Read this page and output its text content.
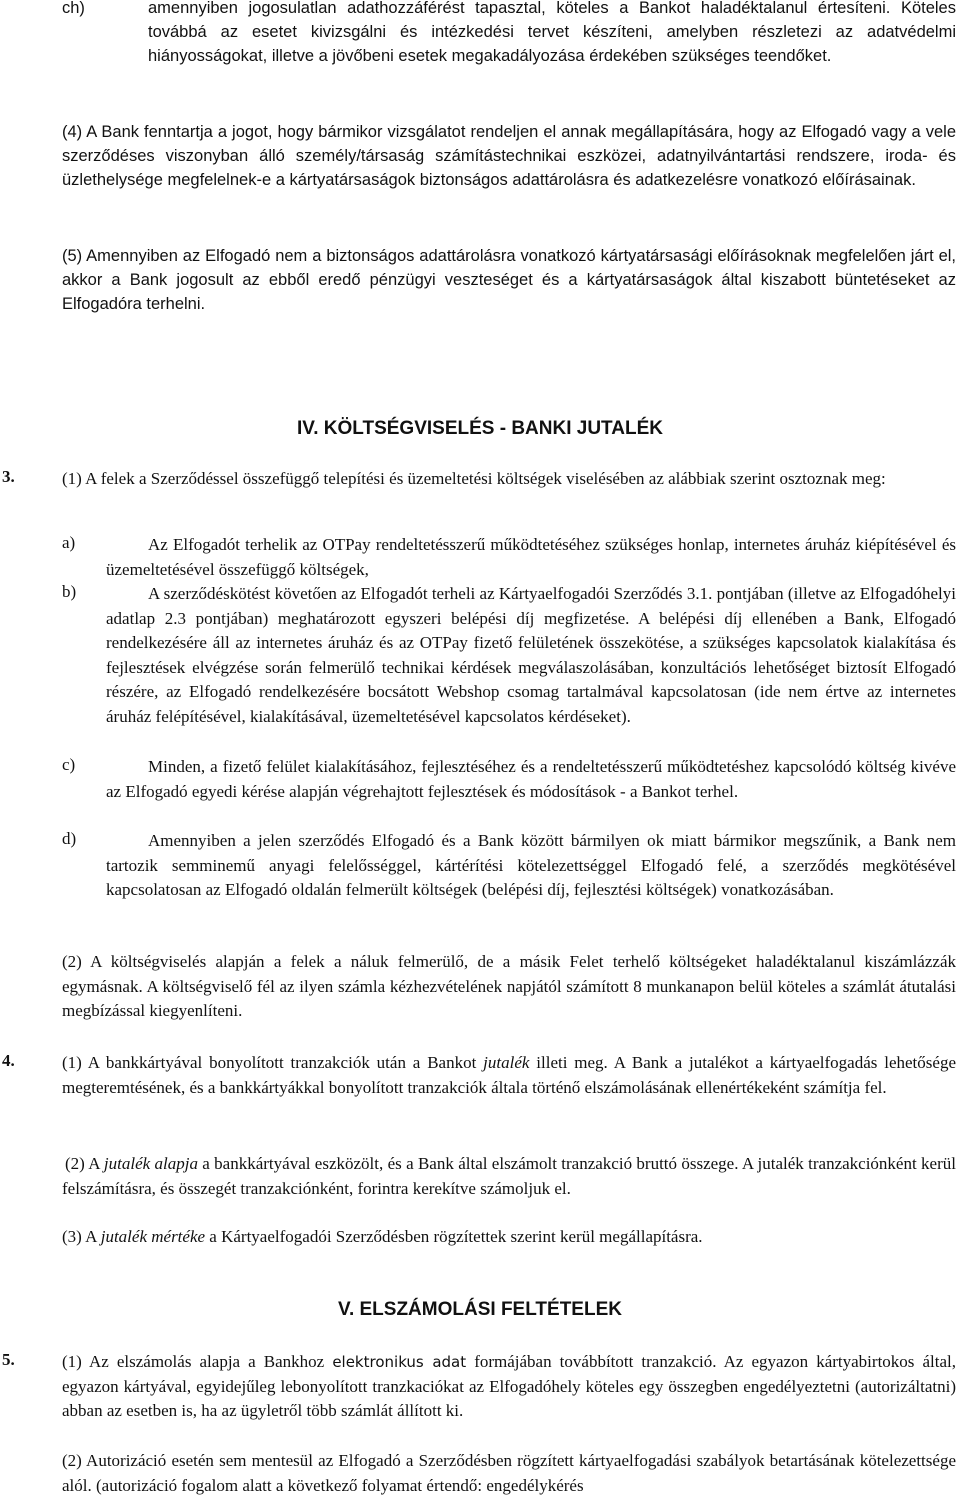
ch)	amennyiben jogosulatlan adathozzáférést tapasztal, köteles a Bankot haladéktalanul értesíteni. Köteles továbbá az esetet kivizsgálni és intézkedési tervet készíteni, amelyben részletezi az adatvédelmi hiányosságokat, illetve a jövőbeni esetek megakadályozása érdekében szükséges teendőket.
(4) A Bank fenntartja a jogot, hogy bármikor vizsgálatot rendeljen el annak megállapítására, hogy az Elfogadó vagy a vele szerződéses viszonyban álló személy/társaság számítástechnikai eszközei, adatnyilvántartási rendszere, iroda- és üzlethelysége megfelelnek-e a kártyatársaságok biztonságos adattárolásra és adatkezelésre vonatkozó előírásainak.
(5) Amennyiben az Elfogadó nem a biztonságos adattárolásra vonatkozó kártyatársasági előírásoknak megfelelően járt el, akkor a Bank jogosult az ebből eredő pénzügyi veszteséget és a kártyatársaságok által kiszabott büntetéseket az Elfogadóra terhelni.
IV. KÖLTSÉGVISELÉS - BANKI JUTALÉK
3.	(1) A felek a Szerződéssel összefüggő telepítési és üzemeltetési költségek viselésében az alábbiak szerint osztoznak meg:
a)	Az Elfogadót terhelik az OTPay rendeltetésszerű működtetéséhez szükséges honlap, internetes áruház kiépítésével és üzemeltetésével összefüggő költségek,
b)	A szerződéskötést követően az Elfogadót terheli az Kártyaelfogadói Szerződés 3.1. pontjában (illetve az Elfogadóhelyi adatlap 2.3 pontjában) meghatározott egyszeri belépési díj megfizetése. A belépési díj ellenében a Bank, Elfogadó rendelkezésére áll az internetes áruház és az OTPay fizető felületének összekötése, a szükséges kapcsolatok kialakítása és fejlesztések elvégzése során felmerülő technikai kérdések megválaszolásában, konzultációs lehetőséget biztosít Elfogadó részére, az Elfogadó rendelkezésére bocsátott Webshop csomag tartalmával kapcsolatosan (ide nem értve az internetes áruház felépítésével, kialakításával, üzemeltetésével kapcsolatos kérdéseket).
c)	Minden, a fizető felület kialakításához, fejlesztéséhez és a rendeltetésszerű működtetéshez kapcsolódó költség kivéve az Elfogadó egyedi kérése alapján végrehajtott fejlesztések és módosítások - a Bankot terhel.
d)	Amennyiben a jelen szerződés Elfogadó és a Bank között bármilyen ok miatt bármikor megszűnik, a Bank nem tartozik semminemű anyagi felelősséggel, kártérítési kötelezettséggel Elfogadó felé, a szerződés megkötésével kapcsolatosan az Elfogadó oldalán felmerült költségek (belépési díj, fejlesztési költségek) vonatkozásában.
(2) A költségviselés alapján a felek a náluk felmerülő, de a másik Felet terhelő költségeket haladéktalanul kiszámlázzák egymásnak. A költségviselő fél az ilyen számla kézhezvételének napjától számított 8 munkanapon belül köteles a számlát átutalási megbízással kiegyenlíteni.
4.	(1) A bankkártyával bonyolított tranzakciók után a Bankot jutalék illeti meg. A Bank a jutalékot a kártyaelfogadás lehetősége megteremtésének, és a bankkártyákkal bonyolított tranzakciók általa történő elszámolásának ellenértékeként számítja fel.
(2) A jutalék alapja a bankkártyával eszközölt, és a Bank által elszámolt tranzakció bruttó összege. A jutalék tranzakciónként kerül felszámításra, és összegét tranzakciónként, forintra kerekítve számoljuk el.
(3) A jutalék mértéke a Kártyaelfogadói Szerződésben rögzítettek szerint kerül megállapításra.
V. ELSZÁMOLÁSI FELTÉTELEK
5.	(1) Az elszámolás alapja a Bankhoz elektronikus adat formájában továbbított tranzakció. Az egyazon kártyabirtokos által, egyazon kártyával, egyidejűleg lebonyolított tranzkaciókat az Elfogadóhely köteles egy összegben engedélyeztetni (autorizáltatni) abban az esetben is, ha az ügyletről több számlát állított ki.
(2) Autorizáció esetén sem mentesül az Elfogadó a Szerződésben rögzített kártyaelfogadási szabályok betartásának kötelezettsége alól. (autorizáció fogalom alatt a következő folyamat értendő: engedélykérés
